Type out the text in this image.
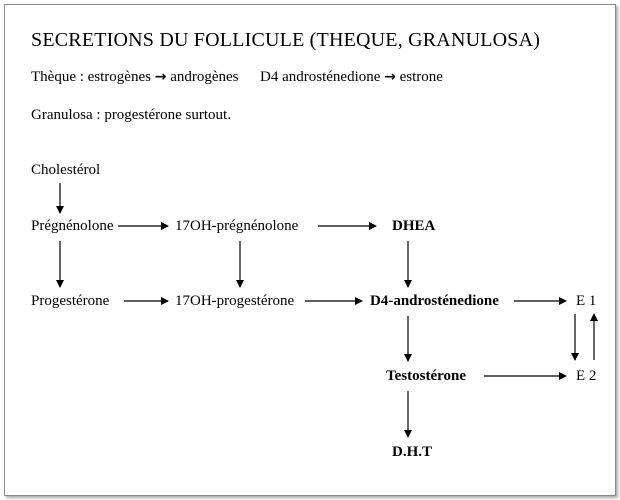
SECRETIONS DU FOLLICULE (THEQUE, GRANULOSA)
Thèque : estrogènes → androgènes D4 androsténedione → estrone
Granulosa : progestérone surtout.
Cholestérol
Prégnénolone	17OH-prégnénolone	DHEA
Progestérone	17OH-progestérone	D4-androsténedione	E 1
Testostérone	E 2
D.H.T
